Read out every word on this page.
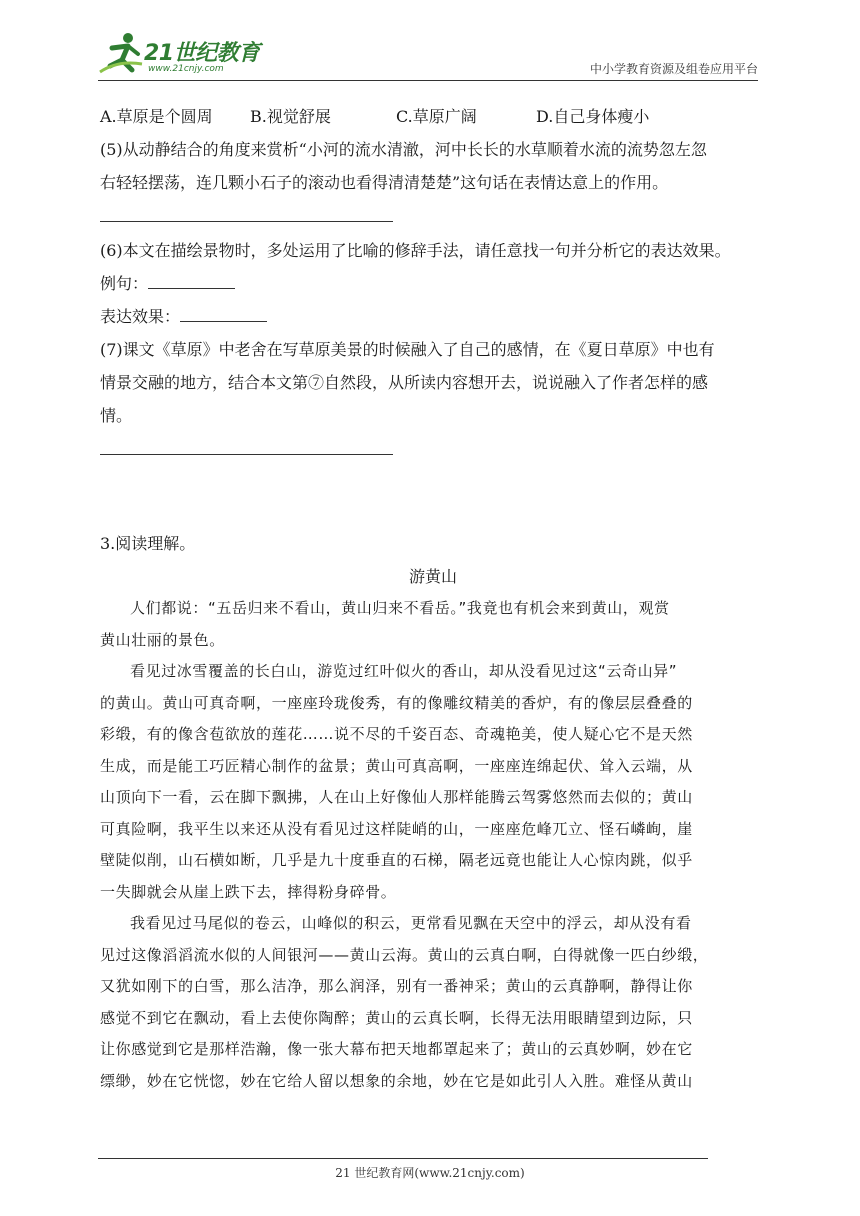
21世纪教育
www.21cnjy.com	中小学教育资源及组卷应用平台
A.草原是个圆周 B.视觉舒展	C.草原广阔	D.自己身体瘦小
(5)从动静结合的角度来赏析“小河的流水清澈，河中长长的水草顺着水流的流势忽左忽
右轻轻摆荡，连几颗小石子的滚动也看得清清楚楚”这句话在表情达意上的作用。
(6)本文在描绘景物时，多处运用了比喻的修辞手法，请任意找一句并分析它的表达效果。
例句：
表达效果：
(7)课文《草原》中老舍在写草原美景的时候融入了自己的感情，在《夏日草原》中也有
情景交融的地方，结合本文第⑦自然段，从所读内容想开去，说说融入了作者怎样的感
情。
3.阅读理解。
游黄山
人们都说：“五岳归来不看山，黄山归来不看岳。”我竟也有机会来到黄山，观赏
黄山壮丽的景色。
看见过冰雪覆盖的长白山，游览过红叶似火的香山，却从没看见过这“云奇山异”
的黄山。黄山可真奇啊，一座座玲珑俊秀，有的像雕纹精美的香炉，有的像层层叠叠的
彩缎，有的像含苞欲放的莲花……说不尽的千姿百态、奇魂艳美，使人疑心它不是天然
生成，而是能工巧匠精心制作的盆景；黄山可真高啊，一座座连绵起伏、耸入云端，从
山顶向下一看，云在脚下飘拂，人在山上好像仙人那样能腾云驾雾悠然而去似的；黄山
可真险啊，我平生以来还从没有看见过这样陡峭的山，一座座危峰兀立、怪石嶙峋，崖
壁陡似削，山石横如断，几乎是九十度垂直的石梯，隔老远竟也能让人心惊肉跳，似乎
一失脚就会从崖上跌下去，摔得粉身碎骨。
我看见过马尾似的卷云，山峰似的积云，更常看见飘在天空中的浮云，却从没有看
见过这像滔滔流水似的人间银河——黄山云海。黄山的云真白啊，白得就像一匹白纱缎，
又犹如刚下的白雪，那么洁净，那么润泽，别有一番神采；黄山的云真静啊，静得让你
感觉不到它在飘动，看上去使你陶醉；黄山的云真长啊，长得无法用眼睛望到边际，只
让你感觉到它是那样浩瀚，像一张大幕布把天地都罩起来了；黄山的云真妙啊，妙在它
缥缈，妙在它恍惚，妙在它给人留以想象的余地，妙在它是如此引人入胜。难怪从黄山
21 世纪教育网(www.21cnjy.com)
